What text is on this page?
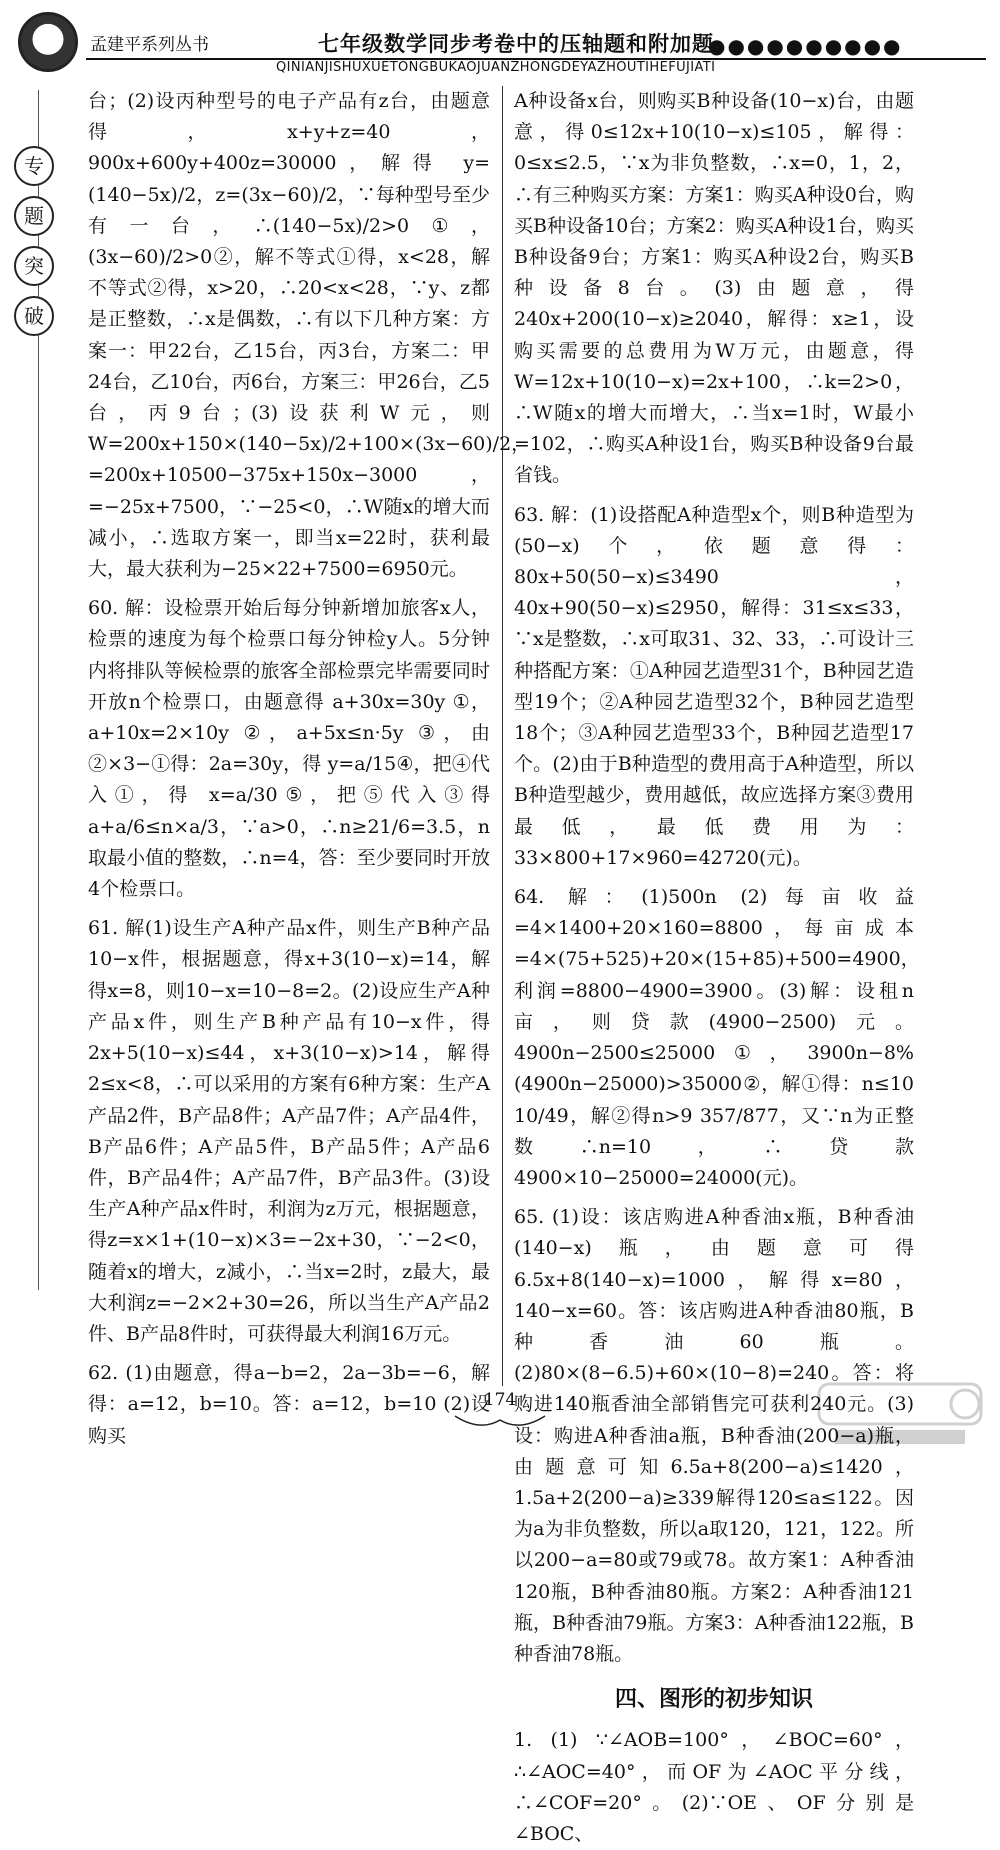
孟建平系列丛书	七年级数学同步考卷中的压轴题和附加题
●●●●●●●●●●
QINIANJISHUXUETONGBUKAOJUANZHONGDEYAZHOUTIHEFUJIATI
专
题
突
破

台；(2)设丙种型号的电子产品有z台，由题意得，x+y+z=40，900x+600y+400z=30000，解得 y=(140−5x)/2，z=(3x−60)/2，∵每种型号至少有一台，∴(140−5x)/2>0①，(3x−60)/2>0②，解不等式①得，x<28，解不等式②得，x>20，∴20<x<28，∵y、z都是正整数，∴x是偶数，∴有以下几种方案：方案一：甲22台，乙15台，丙3台，方案二：甲24台，乙10台，丙6台，方案三：甲26台，乙5台，丙9台；(3)设获利W元，则 W=200x+150×(140−5x)/2+100×(3x−60)/2，=200x+10500−375x+150x−3000，=−25x+7500，∵−25<0，∴W随x的增大而减小，∴选取方案一，即当x=22时，获利最大，最大获利为−25×22+7500=6950元。

60. 解：设检票开始后每分钟新增加旅客x人，检票的速度为每个检票口每分钟检y人。5分钟内将排队等候检票的旅客全部检票完毕需要同时开放n个检票口，由题意得 a+30x=30y ①，a+10x=2×10y ②，a+5x≤n·5y ③，由②×3−①得：2a=30y，得 y=a/15④，把④代入①，得 x=a/30⑤，把⑤代入③得 a+a/6≤n×a/3，∵a>0，∴n≥21/6=3.5，n取最小值的整数，∴n=4，答：至少要同时开放4个检票口。

61. 解(1)设生产A种产品x件，则生产B种产品10−x件，根据题意，得x+3(10−x)=14，解得x=8，则10−x=10−8=2。(2)设应生产A种产品x件，则生产B种产品有10−x件，得 2x+5(10−x)≤44，x+3(10−x)>14，解得2≤x<8，∴可以采用的方案有6种方案：生产A产品2件，B产品8件；A产品7件；A产品4件，B产品6件；A产品5件，B产品5件；A产品6件，B产品4件；A产品7件，B产品3件。(3)设生产A种产品x件时，利润为z万元，根据题意，得z=x×1+(10−x)×3=−2x+30，∵−2<0，随着x的增大，z减小，∴当x=2时，z最大，最大利润z=−2×2+30=26，所以当生产A产品2件、B产品8件时，可获得最大利润16万元。

62. (1)由题意，得a−b=2，2a−3b=−6，解得：a=12，b=10。答：a=12，b=10 (2)设购买

A种设备x台，则购买B种设备(10−x)台，由题意，得0≤12x+10(10−x)≤105，解得：0≤x≤2.5，∵x为非负整数，∴x=0，1，2，∴有三种购买方案：方案1：购买A种设0台，购买B种设备10台；方案2：购买A种设1台，购买B种设备9台；方案1：购买A种设2台，购买B种设备8台。(3)由题意，得240x+200(10−x)≥2040，解得：x≥1，设购买需要的总费用为W万元，由题意，得W=12x+10(10−x)=2x+100，∴k=2>0，∴W随x的增大而增大，∴当x=1时，W最小=102，∴购买A种设1台，购买B种设备9台最省钱。

63. 解：(1)设搭配A种造型x个，则B种造型为(50−x)个，依题意得：80x+50(50−x)≤3490，40x+90(50−x)≤2950，解得：31≤x≤33，∵x是整数，∴x可取31、32、33，∴可设计三种搭配方案：①A种园艺造型31个，B种园艺造型19个；②A种园艺造型32个，B种园艺造型18个；③A种园艺造型33个，B种园艺造型17个。(2)由于B种造型的费用高于A种造型，所以B种造型越少，费用越低，故应选择方案③费用最低，最低费用为：33×800+17×960=42720(元)。

64. 解：(1)500n (2)每亩收益=4×1400+20×160=8800，每亩成本=4×(75+525)+20×(15+85)+500=4900，利润=8800−4900=3900。(3)解：设租n亩，则贷款(4900−2500)元。4900n−2500≤25000①，3900n−8%(4900n−25000)>35000②，解①得：n≤10 10/49，解②得n>9 357/877，又∵n为正整数∴n=10，∴贷款4900×10−25000=24000(元)。

65. (1)设：该店购进A种香油x瓶，B种香油(140−x)瓶，由题意可得6.5x+8(140−x)=1000，解得x=80，140−x=60。答：该店购进A种香油80瓶，B种香油60瓶。(2)80×(8−6.5)+60×(10−8)=240。答：将购进140瓶香油全部销售完可获利240元。(3)设：购进A种香油a瓶，B种香油(200−a)瓶，由题意可知6.5a+8(200−a)≤1420，1.5a+2(200−a)≥339解得120≤a≤122。因为a为非负整数，所以a取120，121，122。所以200−a=80或79或78。故方案1：A种香油120瓶，B种香油80瓶。方案2：A种香油121瓶，B种香油79瓶。方案3：A种香油122瓶，B种香油78瓶。

四、图形的初步知识

1. (1) ∵∠AOB=100°，∠BOC=60°，∴∠AOC=40°，而OF为∠AOC平分线，∴∠COF=20°。(2)∵OE、OF分别是∠BOC、

174
